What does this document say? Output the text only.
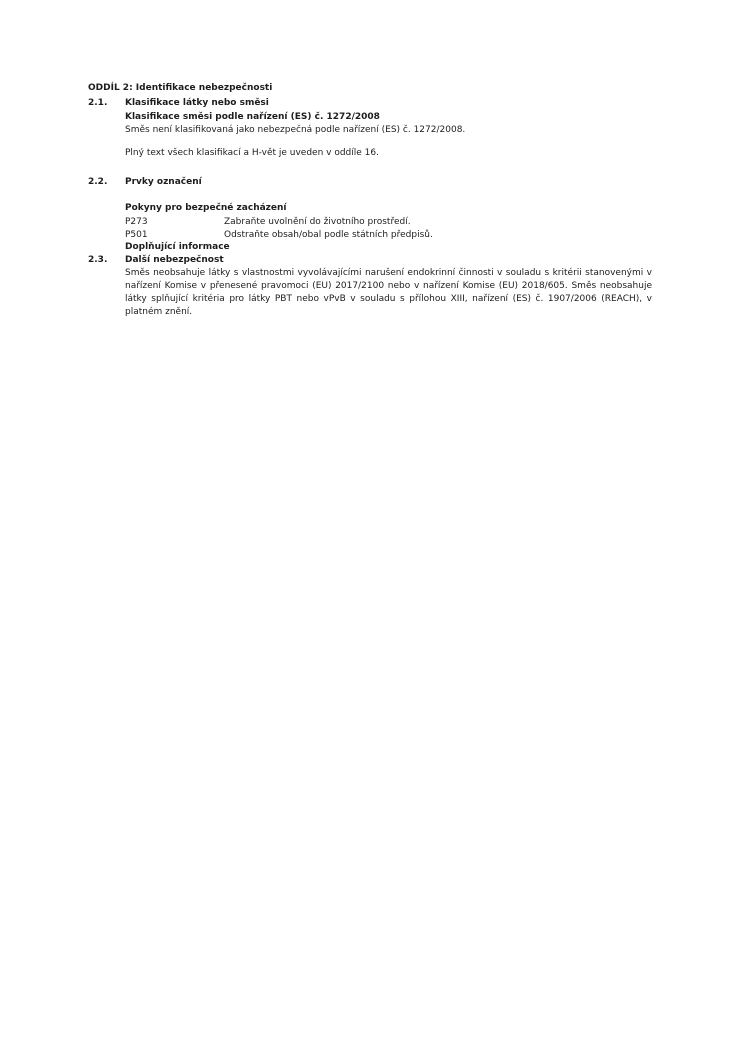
ODDÍL 2: Identifikace nebezpečnosti
2.1. Klasifikace látky nebo směsi
Klasifikace směsi podle nařízení (ES) č. 1272/2008
Směs není klasifikovaná jako nebezpečná podle nařízení (ES) č. 1272/2008.
Plný text všech klasifikací a H-vět je uveden v oddíle 16.
2.2. Prvky označení
Pokyny pro bezpečné zacházení
P273	Zabraňte uvolnění do životního prostředí.
P501	Odstraňte obsah/obal podle státních předpisů.
Doplňující informace
2.3. Další nebezpečnost
Směs neobsahuje látky s vlastnostmi vyvolávajícími narušení endokrinní činnosti v souladu s kritérii stanovenými v nařízení Komise v přenesené pravomoci (EU) 2017/2100 nebo v nařízení Komise (EU) 2018/605. Směs neobsahuje látky splňující kritéria pro látky PBT nebo vPvB v souladu s přílohou XIII, nařízení (ES) č. 1907/2006 (REACH), v platném znění.
